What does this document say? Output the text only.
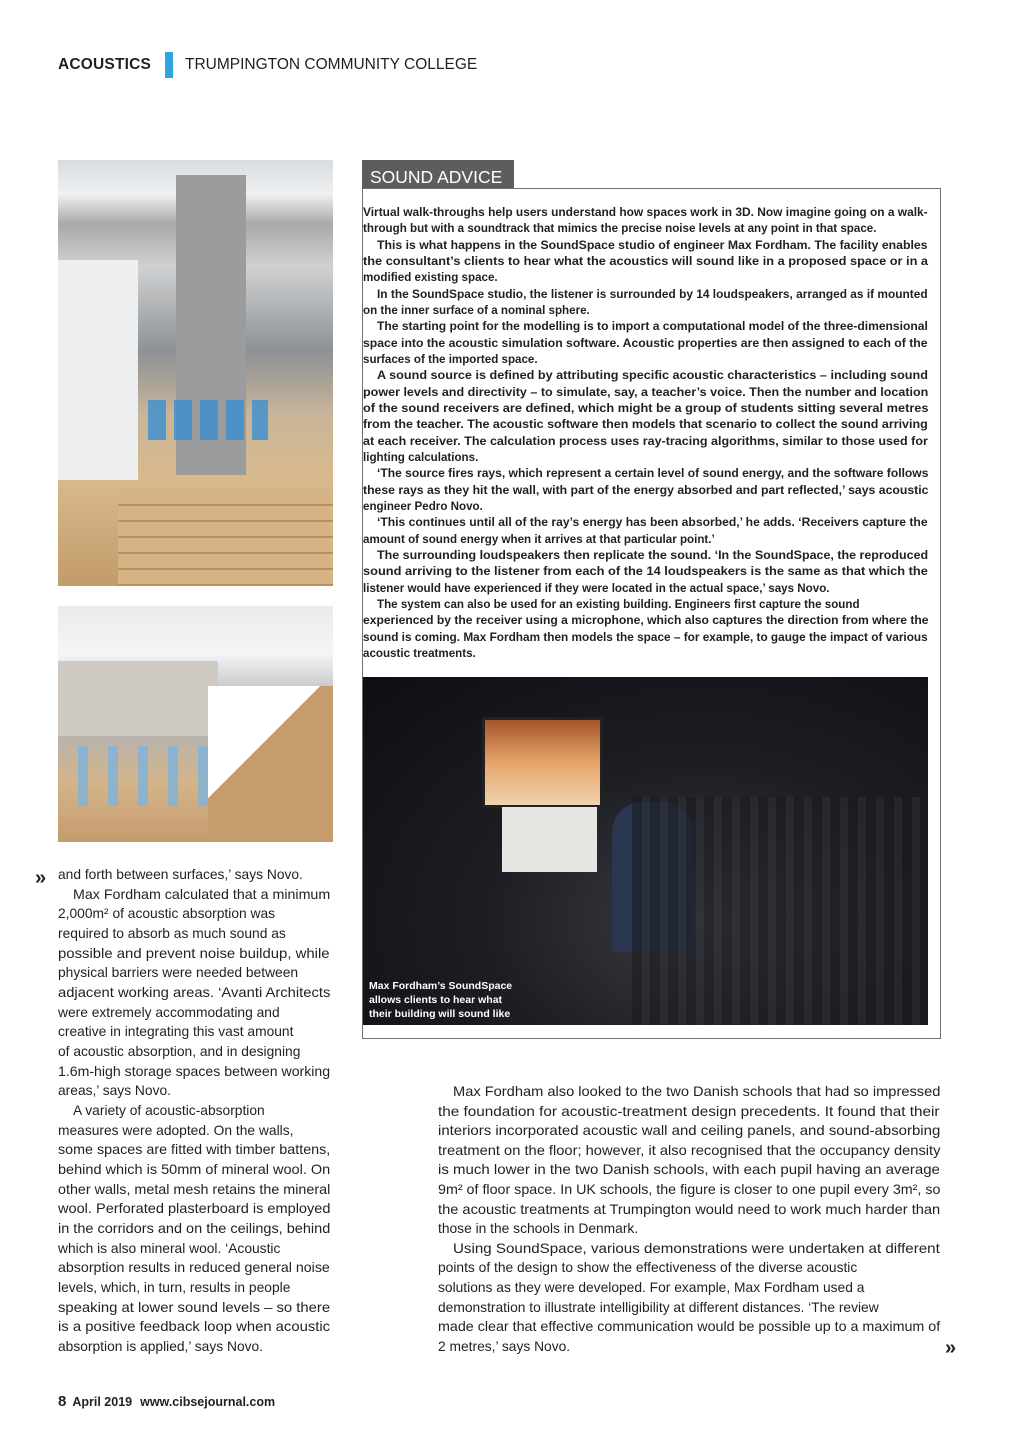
ACOUSTICS TRUMPINGTON COMMUNITY COLLEGE
Max Fordham’s SoundSpace
allows clients to hear what
their building will sound like
SOUND ADVICE
Virtual walk-throughs help users understand how spaces work in 3D. Now imagine going on a walk-
through but with a soundtrack that mimics the precise noise levels at any point in that space.
This is what happens in the SoundSpace studio of engineer Max Fordham. The facility enables
the consultant’s clients to hear what the acoustics will sound like in a proposed space or in a
modified existing space.
In the SoundSpace studio, the listener is surrounded by 14 loudspeakers, arranged as if mounted
on the inner surface of a nominal sphere.
The starting point for the modelling is to import a computational model of the three-dimensional
space into the acoustic simulation software. Acoustic properties are then assigned to each of the
surfaces of the imported space.
A sound source is defined by attributing specific acoustic characteristics – including sound
power levels and directivity – to simulate, say, a teacher’s voice. Then the number and location
of the sound receivers are defined, which might be a group of students sitting several metres
from the teacher. The acoustic software then models that scenario to collect the sound arriving
at each receiver. The calculation process uses ray-tracing algorithms, similar to those used for
lighting calculations.
‘The source fires rays, which represent a certain level of sound energy, and the software follows
these rays as they hit the wall, with part of the energy absorbed and part reflected,’ says acoustic
engineer Pedro Novo.
‘This continues until all of the ray’s energy has been absorbed,’ he adds. ‘Receivers capture the
amount of sound energy when it arrives at that particular point.’
The surrounding loudspeakers then replicate the sound. ‘In the SoundSpace, the reproduced
sound arriving to the listener from each of the 14 loudspeakers is the same as that which the
listener would have experienced if they were located in the actual space,’ says Novo.
The system can also be used for an existing building. Engineers first capture the sound
experienced by the receiver using a microphone, which also captures the direction from where the
sound is coming. Max Fordham then models the space – for example, to gauge the impact of various
acoustic treatments.
and forth between surfaces,’ says Novo.
Max Fordham calculated that a minimum
2,000m² of acoustic absorption was
required to absorb as much sound as
possible and prevent noise buildup, while
physical barriers were needed between
adjacent working areas. ‘Avanti Architects
were extremely accommodating and
creative in integrating this vast amount
of acoustic absorption, and in designing
1.6m-high storage spaces between working
areas,’ says Novo.
A variety of acoustic-absorption
measures were adopted. On the walls,
some spaces are fitted with timber battens,
behind which is 50mm of mineral wool. On
other walls, metal mesh retains the mineral
wool. Perforated plasterboard is employed
in the corridors and on the ceilings, behind
which is also mineral wool. ‘Acoustic
absorption results in reduced general noise
levels, which, in turn, results in people
speaking at lower sound levels – so there
is a positive feedback loop when acoustic
absorption is applied,’ says Novo.
Max Fordham also looked to the two Danish schools that had so impressed
the foundation for acoustic-treatment design precedents. It found that their
interiors incorporated acoustic wall and ceiling panels, and sound-absorbing
treatment on the floor; however, it also recognised that the occupancy density
is much lower in the two Danish schools, with each pupil having an average
9m² of floor space. In UK schools, the figure is closer to one pupil every 3m², so
the acoustic treatments at Trumpington would need to work much harder than
those in the schools in Denmark.
Using SoundSpace, various demonstrations were undertaken at different
points of the design to show the effectiveness of the diverse acoustic
solutions as they were developed. For example, Max Fordham used a
demonstration to illustrate intelligibility at different distances. ‘The review
made clear that effective communication would be possible up to a maximum of
2 metres,’ says Novo.
»
»
8 April 2019 www.cibsejournal.com
